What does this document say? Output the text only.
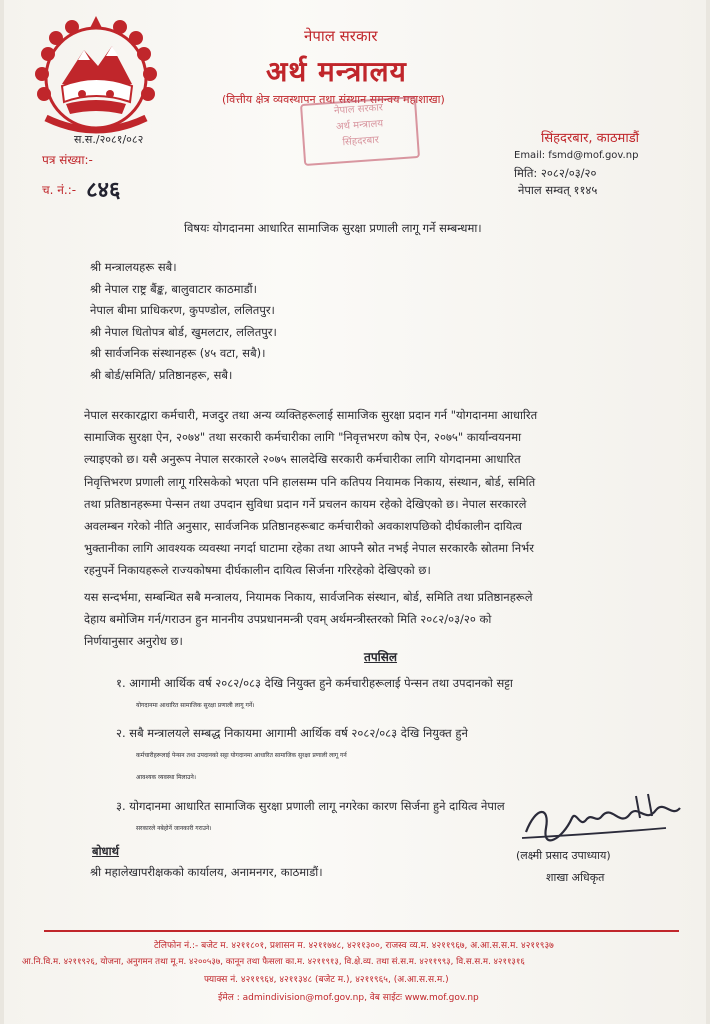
नेपाल सरकार
अर्थ मन्त्रालय
(वित्तीय क्षेत्र व्यवस्थापन तथा संस्थान समन्वय महाशाखा)
नेपाल सरकार
अर्थ मन्त्रालय
सिंहदरबार
स.स./२०८१/०८२
पत्र संख्या:-
च. नं.:- ८४६
सिंहदरबार, काठमाडौं
Email: fsmd@mof.gov.np
मिति: २०८२/०३/२०
नेपाल सम्वत् ११४५
विषयः योगदानमा आधारित सामाजिक सुरक्षा प्रणाली लागू गर्ने सम्बन्धमा।
श्री मन्त्रालयहरू सबै।
श्री नेपाल राष्ट्र बैंङ्क, बालुवाटार काठमाडौं।
नेपाल बीमा प्राधिकरण, कुपण्डोल, ललितपुर।
श्री नेपाल धितोपत्र बोर्ड, खुमलटार, ललितपुर।
श्री सार्वजनिक संस्थानहरू (४५ वटा, सबै)।
श्री बोर्ड/समिति/ प्रतिष्ठानहरू, सबै।
नेपाल सरकारद्वारा कर्मचारी, मजदुर तथा अन्य व्यक्तिहरूलाई सामाजिक सुरक्षा प्रदान गर्न "योगदानमा आधारित
सामाजिक सुरक्षा ऐन, २०७४" तथा सरकारी कर्मचारीका लागि "निवृत्तभरण कोष ऐन, २०७५" कार्यान्वयनमा
ल्याइएको छ। यसै अनुरूप नेपाल सरकारले २०७५ सालदेखि सरकारी कर्मचारीका लागि योगदानमा आधारित
निवृत्तिभरण प्रणाली लागू गरिसकेको भएता पनि हालसम्म पनि कतिपय नियामक निकाय, संस्थान, बोर्ड, समिति
तथा प्रतिष्ठानहरूमा पेन्सन तथा उपदान सुविधा प्रदान गर्ने प्रचलन कायम रहेको देखिएको छ। नेपाल सरकारले
अवलम्बन गरेको नीति अनुसार, सार्वजनिक प्रतिष्ठानहरूबाट कर्मचारीको अवकाशपछिको दीर्घकालीन दायित्व
भुक्तानीका लागि आवश्यक व्यवस्था नगर्दा घाटामा रहेका तथा आफ्नै स्रोत नभई नेपाल सरकारकै स्रोतमा निर्भर
रहनुपर्ने निकायहरूले राज्यकोषमा दीर्घकालीन दायित्व सिर्जना गरिरहेको देखिएको छ।
यस सन्दर्भमा, सम्बन्धित सबै मन्त्रालय, नियामक निकाय, सार्वजनिक संस्थान, बोर्ड, समिति तथा प्रतिष्ठानहरूले
देहाय बमोजिम गर्न/गराउन हुन माननीय उपप्रधानमन्त्री एवम् अर्थमन्त्रीस्तरको मिति २०८२/०३/२० को
निर्णयानुसार अनुरोध छ।
तपसिल
१. आगामी आर्थिक वर्ष २०८२/०८३ देखि नियुक्त हुने कर्मचारीहरूलाई पेन्सन तथा उपदानको सट्टा
योगदानमा आधारित सामाजिक सुरक्षा प्रणाली लागू गर्ने।
२. सबै मन्त्रालयले सम्बद्ध निकायमा आगामी आर्थिक वर्ष २०८२/०८३ देखि नियुक्त हुने
कर्मचारीहरूलाई पेन्सन तथा उपदानको सट्टा योगदानमा आधारित सामाजिक सुरक्षा प्रणाली लागू गर्न
आवश्यक व्यवस्था मिलाउने।
३. योगदानमा आधारित सामाजिक सुरक्षा प्रणाली लागू नगरेका कारण सिर्जना हुने दायित्व नेपाल
सरकारले नबेहोर्ने जानकारी गराउने।
(लक्ष्मी प्रसाद उपाध्याय)
शाखा अधिकृत
बोधार्थ
श्री महालेखापरीक्षकको कार्यालय, अनामनगर, काठमाडौं।
टेलिफोन नं.:- बजेट म. ४२११८०१, प्रशासन म. ४२११७४८, ४२११३००, राजस्व व्य.म. ४२११९६७, अ.आ.स.स.म. ४२११९३७
आ.नि.वि.म. ४२११९२६, योजना, अनुगमन तथा मू.म. ४२००५३७, कानून तथा फैसला का.म. ४२११९१३, वि.क्षे.व्य. तथा सं.स.म. ४२११९९३, वि.स.स.म. ४२११३१६
फ्याक्स नं. ४२११९६४, ४२११३४८ (बजेट म.), ४२११९६५, (अ.आ.स.स.म.)
ईमेल : admindivision@mof.gov.np, वेब साईटः www.mof.gov.np
